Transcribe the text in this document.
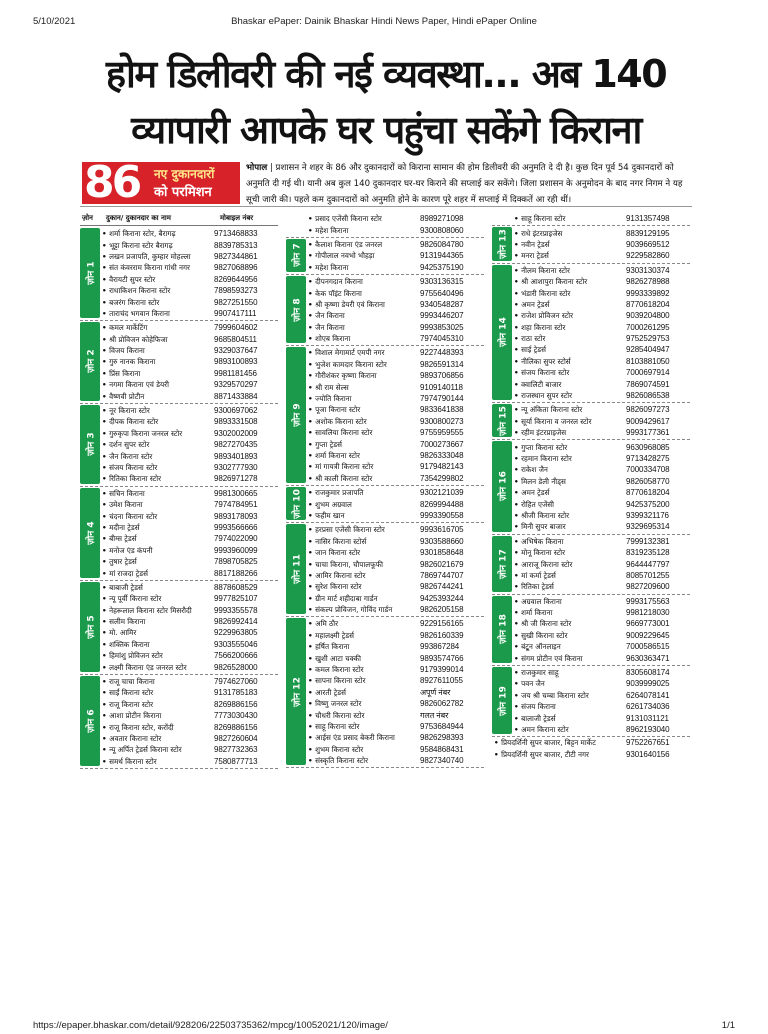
5/10/2021	Bhaskar ePaper: Dainik Bhaskar Hindi News Paper, Hindi ePaper Online
होम डिलीवरी की नई व्यवस्था... अब 140
व्यापारी आपके घर पहुंचा सकेंगे किराना
86 नए दुकानदारों
को परमिशन
भोपाल | प्रशासन ने शहर के 86 और दुकानदारों को किराना सामान की होम डिलीवरी की अनुमति दे दी है। कुछ दिन पूर्व 54 दुकानदारों को अनुमति दी गई थी। यानी अब कुल 140 दुकानदार घर-घर किराने की सप्लाई कर सकेंगे। जिला प्रशासन के अनुमोदन के बाद नगर निगम ने यह सूची जारी की। पहले कम दुकानदारों को अनुमति होने के कारण पूरे शहर में सप्लाई में दिक्कतें आ रही थीं।
ज़ोन दुकान/ दुकानदार का नाम	मोबाइल नंबर
ज़ोन 1
• शर्मा किराना स्टोर, बैरागढ़	9713468833
• भूट्टा किराना स्टोर बैरागढ़	8839785313
• लखन प्रजापति, कुम्हार मोहल्ला	9827344861
• संत कंवरराम किराना गांधी नगर	9827068896
• वैरायटी सुपर स्टोर	8269644956
• राधाकिशन किराना स्टोर	7898593273
• बजरंग किराना स्टोर	9827251550
• ताराचंद भगवान किराना	9907417111
ज़ोन 2
• कमल मार्केटिंग	7999604602
• श्री प्रोविजन कोहेफिजा	9685804511
• विजय किराना	9329037647
• गुरु नानक किराना	9893100893
• प्रिंस किराना	9981181456
• नगमा किराना एवं डेयरी	9329570297
• वैष्णवी प्रोटीन	8871433884
ज़ोन 3
• नूर किराना स्टोर	9300697062
• दीपक किराना स्टोर	9893331508
• गुरुकृपा किराना जनरल स्टोर	9302002009
• दर्शन सुपर स्टोर	9827270435
• जैन किराना स्टोर	9893401893
• संजय किराना स्टोर	9302777930
• रितिका किराना स्टोर	9826971278
ज़ोन 4
• सचिन किराना	9981300665
• उमेश किराना	7974784951
• चंदना किराना स्टोर	9893178093
• मदीना ट्रेडर्स	9993566666
• बीग्स ट्रेडर्स	7974022090
• मनोज एंड कंपनी	9993960099
• तुषार ट्रेडर्स	7898705825
• मां राजदा ट्रेडर्स	8817188266
ज़ोन 5
• बाबाजी ट्रेडर्स	8878608529
• न्यू पूर्वी किराना स्टोर	9977825107
• नेहरूलाल किराना स्टोर मिसरौदी	9993355578
• सलीम किराना	9826992414
• मो. आमिर	9229963805
• शक्तिक किराना	9303555046
• हिमांशु प्रोविजन स्टोर	7566200666
• लक्ष्मी किराना एंड जनरल स्टोर	9826528000
ज़ोन 6
• राजू चाचा किराना	7974627060
• साईं किराना स्टोर	9131785183
• राजू किराना स्टोर	8269886156
• आशा प्रोटीन किराना	7773030430
• राजू किराना स्टोर, करोंदी	8269886156
• अवतार किराना स्टोर	9827260604
• न्यू अर्पित ट्रेडर्स किराना स्टोर	9827732363
• समर्थ किराना स्टोर	7580877713
• प्रसाद एजेंसी किराना स्टोर	8989271098
• महेश किराना	9300808060
ज़ोन 7	• कैलाश किराना एंड जनरल	9826084780
• गोपीलाल नवभो भौहड़ा	9131944365
• महेश किराना	9425375190
ज़ोन 8
• दीपनगदान किराना	9303136315
• केक पॉइंट किराना	9755640496
• श्री कृष्णा डेयरी एवं किराना	9340548287
• जैन किराना	9993446207
• जैन किराना	9993853025
• शोएब किराना	7974045310
ज़ोन 9
• विशाल मेगामार्ट एमपी नगर	9227448393
• भुजेश कामदार किराना स्टोर	9826591314
• गौरीशंकर कृष्णा किराना	9893706856
• श्री राम सेल्स	9109140118
• ज्योति किराना	7974790144
• पूजा किराना स्टोर	9833641838
• अशोक किराना स्टोर	9300800273
• सावलिया किराना स्टोर	9755959555
• गुप्ता ट्रेडर्स	7000273667
• शर्मा किराना स्टोर	9826333048
• मां गायत्री किराना स्टोर	9179482143
• श्री काली किराना स्टोर	7354299802
ज़ोन 10	• राजकुमार प्रजापति	9302121039
• शुभम अग्रवाल	8269994488
• फहीम खान	9993390558
ज़ोन 11
• हरप्रसा एजेंसी किराना स्टोर	9993616705
• नासिर किराना स्टोर्स	9303588660
• जान किराना स्टोर	9301858648
• चाचा किराना, चौपालफूफी	9826021679
• आमिर किराना स्टोर	7869744707
• सुरेश किराना स्टोर	9826744241
• ग्रीन मार्ट शहीदाबा गार्डन	9425393244
• संकल्प प्रोविजन, गोविंद गार्डन	9826205158
ज़ोन 12
• अमि ठौर	9229156165
• महालक्ष्मी ट्रेडर्स	9826160339
• हर्षित किराना	993867284
• खुशी आटा चक्की	9893574766
• कमल किराना स्टोर	9179399014
• सापना किराना स्टोर	8927611055
• आरती ट्रेडर्स	अपूर्ण नंबर
• विष्णु जनरल स्टोर	9826062782
• चौधरी किराना स्टोर	गलत नंबर
• साहू किराना स्टोर	9753684944
• आईस एंड प्रसाद बेकरी किराना	9826298393
• शुभम किराना स्टोर	9584868431
• संस्कृति किराना स्टोर	9827340740
• साहू किराना स्टोर	9131357498
ज़ोन 13	• राधे इंटरप्राइजेस	8839129195
• नवीन ट्रेडर्स	9039669512
• मनरा ट्रेडर्स	9229582860
ज़ोन 14
• नीलम किराना स्टोर	9303130374
• श्री आशापुरा किराना स्टोर	9826278988
• भंडारी किराना स्टोर	9993339892
• अमन ट्रेडर्स	8770618204
• राजेश प्रोविजन स्टोर	9039204800
• शहा किराना स्टोर	7000261295
• राठा स्टोर	9752529753
• साई ट्रेडर्स	9285404947
• नीलिका सुपर स्टोर्स	8103881050
• संजय किराना स्टोर	7000697914
• क्वालिटी बाजार	7869074591
• राजस्थान सुपर स्टोर	9826086538
ज़ोन 15	• न्यू अंकिता किराना स्टोर	9826097273
• सूर्या किराना व जनरल स्टोर	9009429617
• रहीम इंटरप्राइजेस	9993177361
ज़ोन 16
• गुप्ता किराना स्टोर	9630968085
• रहमान किराना स्टोर	9713428275
• राकेश जैन	7000334708
• मिलन डेली नीड्स	9826058770
• अमन ट्रेडर्स	8770618204
• रोहित एजेंसी	9425375200
• श्रीजी किराना स्टोर	9399321176
• मिनी सुपर बाजार	9329695314
ज़ोन 17
• अभिषेक किराना	7999132381
• मोनू किराना स्टोर	8319235128
• आराजू किराना स्टोर	9644447797
• मां कर्मा ट्रेडर्स	8085701255
• रितिका ट्रेडर्स	9827209600
ज़ोन 18
• अग्रवाल किराना	9993175563
• शर्मा किराना	9981218030
• श्री जी किराना स्टोर	9669773001
• सुखी किराना स्टोर	9009229645
• बंटू्न ऑनलाइन	7000586515
• संगम प्रोटीन एवं किराना	9630363471
ज़ोन 19
• राजकुमार साहू	8305608174
• पवन जैन	9039999025
• जय श्री चम्बा किराना स्टोर	6264078141
• संजय किराना	6261734036
• बालाजी ट्रेडर्स	9131031121
• अमन किराना स्टोर	8962193040
• प्रियदर्शिनी सुपर बाजार, बिट्टन मार्केट	9752267651
• प्रियदर्शिनी सुपर बाजार, टीटी नगर	9301640156
https://epaper.bhaskar.com/detail/928206/22503735362/mpcg/10052021/120/image/	1/1
